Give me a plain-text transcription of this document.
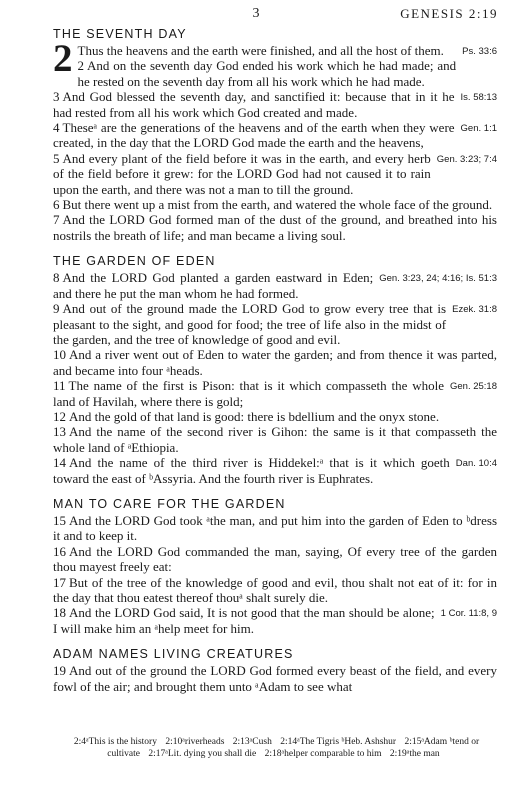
3	GENESIS 2:19
THE SEVENTH DAY

Ps. 33:6
2 Thus the heavens and the earth were finished, and all the host of them.

2 And on the seventh day God ended his work which he had made; and he rested on the seventh day from all his work which he had made.

Is. 58:13
3 And God blessed the seventh day, and sanctified it: because that in it he had rested from all his work which God created and made.

Gen. 1:1
4 Theseᵃ are the generations of the heavens and of the earth when they were created, in the day that the LORD God made the earth and the heavens,

Gen. 3:23; 7:4
5 And every plant of the field before it was in the earth, and every herb of the field before it grew: for the LORD God had not caused it to rain upon the earth, and there was not a man to till the ground.

6 But there went up a mist from the earth, and watered the whole face of the ground.

7 And the LORD God formed man of the dust of the ground, and breathed into his nostrils the breath of life; and man became a living soul.

THE GARDEN OF EDEN

Gen. 3:23, 24; 4:16; Is. 51:3
8 And the LORD God planted a garden eastward in Eden; and there he put the man whom he had formed.

Ezek. 31:8
9 And out of the ground made the LORD God to grow every tree that is pleasant to the sight, and good for food; the tree of life also in the midst of the garden, and the tree of knowledge of good and evil.

10 And a river went out of Eden to water the garden; and from thence it was parted, and became into four ᵃheads.

Gen. 25:18
11 The name of the first is Pison: that is it which compasseth the whole land of Havilah, where there is gold;

12 And the gold of that land is good: there is bdellium and the onyx stone.

13 And the name of the second river is Gihon: the same is it that compasseth the whole land of ᵃEthiopia.

Dan. 10:4
14 And the name of the third river is Hiddekel:ᵃ that is it which goeth toward the east of ᵇAssyria. And the fourth river is Euphrates.

MAN TO CARE FOR THE GARDEN

15 And the LORD God took ᵃthe man, and put him into the garden of Eden to ᵇdress it and to keep it.

16 And the LORD God commanded the man, saying, Of every tree of the garden thou mayest freely eat:

17 But of the tree of the knowledge of good and evil, thou shalt not eat of it: for in the day that thou eatest thereof thouᵃ shalt surely die.

1 Cor. 11:8, 9
18 And the LORD God said, It is not good that the man should be alone; I will make him an ᵃhelp meet for him.

ADAM NAMES LIVING CREATURES

19 And out of the ground the LORD God formed every beast of the field, and every fowl of the air; and brought them unto ᵃAdam to see what

2:4ᵃThis is the history 2:10ᵃriverheads 2:13ᵃCush 2:14ᵃThe Tigris ᵇHeb. Ashshur 2:15ᵃAdam ᵇtend or cultivate 2:17ᵃLit. dying you shall die 2:18ᵃhelper comparable to him 2:19ᵃthe man
